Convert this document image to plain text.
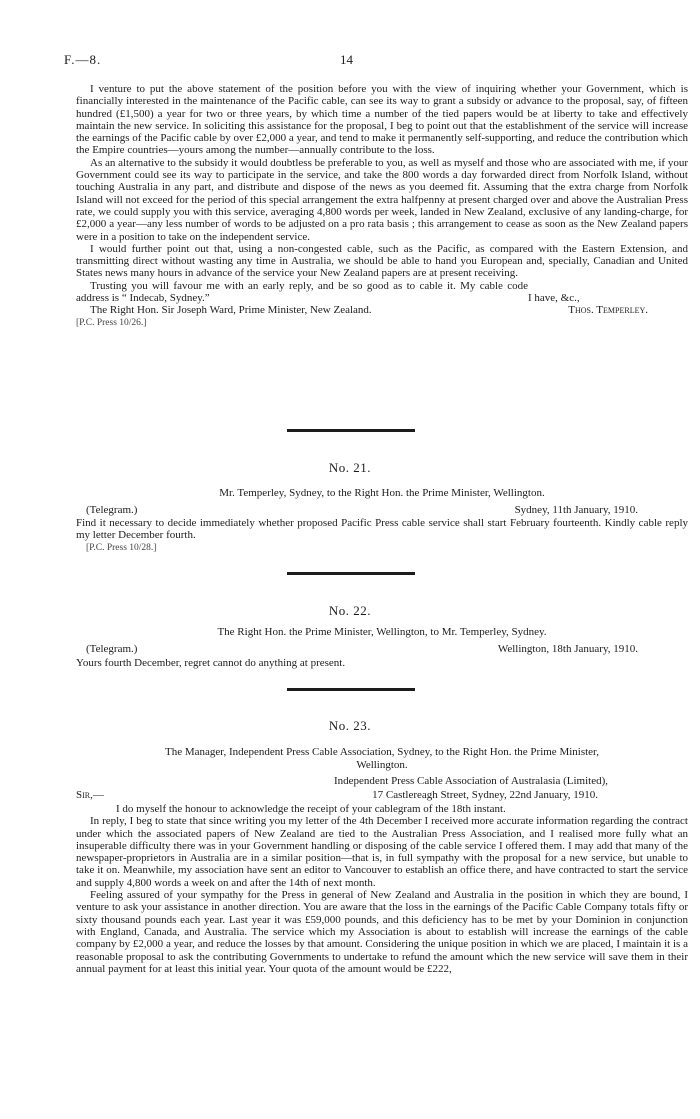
F.—8.	14

I venture to put the above statement of the position before you with the view of inquiring whether your Government, which is financially interested in the maintenance of the Pacific cable, can see its way to grant a subsidy or advance to the proposal, say, of fifteen hundred (£1,500) a year for two or three years, by which time a number of the tied papers would be at liberty to take and effectively maintain the new service. In soliciting this assistance for the proposal, I beg to point out that the establishment of the service will increase the earnings of the Pacific cable by over £2,000 a year, and tend to make it permanently self-supporting, and reduce the contribution which the Empire countries—yours among the number—annually contribute to the loss.

As an alternative to the subsidy it would doubtless be preferable to you, as well as myself and those who are associated with me, if your Government could see its way to participate in the service, and take the 800 words a day forwarded direct from Norfolk Island, without touching Australia in any part, and distribute and dispose of the news as you deemed fit. Assuming that the extra charge from Norfolk Island will not exceed for the period of this special arrangement the extra halfpenny at present charged over and above the Australian Press rate, we could supply you with this service, averaging 4,800 words per week, landed in New Zealand, exclusive of any landing-charge, for £2,000 a year—any less number of words to be adjusted on a pro rata basis ; this arrangement to cease as soon as the New Zealand papers were in a position to take on the independent service.

I would further point out that, using a non-congested cable, such as the Pacific, as compared with the Eastern Extension, and transmitting direct without wasting any time in Australia, we should be able to hand you European and, specially, Canadian and United States news many hours in advance of the service your New Zealand papers are at present receiving.

Trusting you will favour me with an early reply, and be so good as to cable it. My cable code address is “ Indecab, Sydney.”	I have, &c.,
The Right Hon. Sir Joseph Ward, Prime Minister, New Zealand.	Thos. Temperley.
[P.C. Press 10/26.]
No. 21.
Mr. Temperley, Sydney, to the Right Hon. the Prime Minister, Wellington.
(Telegram.)	Sydney, 11th January, 1910.

Find it necessary to decide immediately whether proposed Pacific Press cable service shall start February fourteenth. Kindly cable reply my letter December fourth.

[P.C. Press 10/28.]
No. 22.
The Right Hon. the Prime Minister, Wellington, to Mr. Temperley, Sydney.
(Telegram.)	Wellington, 18th January, 1910.

Yours fourth December, regret cannot do anything at present.

No. 23.
The Manager, Independent Press Cable Association, Sydney, to the Right Hon. the Prime Minister,
Wellington.
Independent Press Cable Association of Australasia (Limited),
Sir,—	17 Castlereagh Street, Sydney, 22nd January, 1910.

I do myself the honour to acknowledge the receipt of your cablegram of the 18th instant.

In reply, I beg to state that since writing you my letter of the 4th December I received more accurate information regarding the contract under which the associated papers of New Zealand are tied to the Australian Press Association, and I realised more fully what an insuperable difficulty there was in your Government handling or disposing of the cable service I offered them. I may add that many of the newspaper-proprietors in Australia are in a similar position—that is, in full sympathy with the proposal for a new service, but unable to take it on. Meanwhile, my association have sent an editor to Vancouver to establish an office there, and have contracted to start the service and supply 4,800 words a week on and after the 14th of next month.

Feeling assured of your sympathy for the Press in general of New Zealand and Australia in the position in which they are bound, I venture to ask your assistance in another direction. You are aware that the loss in the earnings of the Pacific Cable Company totals fifty or sixty thousand pounds each year. Last year it was £59,000 pounds, and this deficiency has to be met by your Dominion in conjunction with England, Canada, and Australia. The service which my Association is about to establish will increase the earnings of the cable company by £2,000 a year, and reduce the losses by that amount. Considering the unique position in which we are placed, I maintain it is a reasonable proposal to ask the contributing Governments to undertake to refund the amount which the new service will save them in their annual payment for at least this initial year. Your quota of the amount would be £222,
